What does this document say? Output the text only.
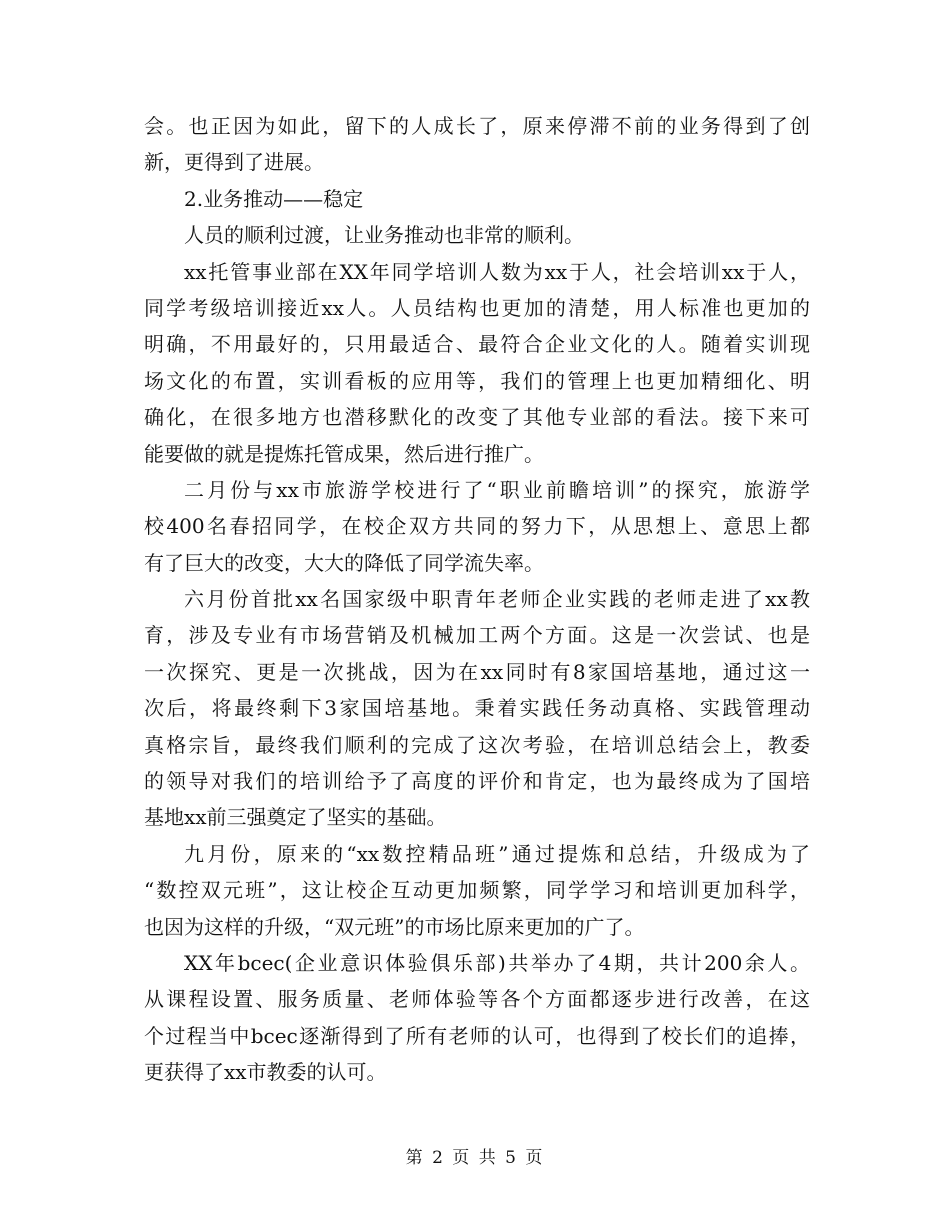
会。也正因为如此，留下的人成长了，原来停滞不前的业务得到了创
新，更得到了进展。
2.业务推动——稳定
人员的顺利过渡，让业务推动也非常的顺利。
xx托管事业部在XX年同学培训人数为xx于人，社会培训xx于人，
同学考级培训接近xx人。人员结构也更加的清楚，用人标准也更加的
明确，不用最好的，只用最适合、最符合企业文化的人。随着实训现
场文化的布置，实训看板的应用等，我们的管理上也更加精细化、明
确化，在很多地方也潜移默化的改变了其他专业部的看法。接下来可
能要做的就是提炼托管成果，然后进行推广。
二月份与xx市旅游学校进行了“职业前瞻培训”的探究，旅游学
校400名春招同学，在校企双方共同的努力下，从思想上、意思上都
有了巨大的改变，大大的降低了同学流失率。
六月份首批xx名国家级中职青年老师企业实践的老师走进了xx教
育，涉及专业有市场营销及机械加工两个方面。这是一次尝试、也是
一次探究、更是一次挑战，因为在xx同时有8家国培基地，通过这一
次后，将最终剩下3家国培基地。秉着实践任务动真格、实践管理动
真格宗旨，最终我们顺利的完成了这次考验，在培训总结会上，教委
的领导对我们的培训给予了高度的评价和肯定，也为最终成为了国培
基地xx前三强奠定了坚实的基础。
九月份，原来的“xx数控精品班”通过提炼和总结，升级成为了
“数控双元班”，这让校企互动更加频繁，同学学习和培训更加科学，
也因为这样的升级，“双元班”的市场比原来更加的广了。
XX年bcec(企业意识体验俱乐部)共举办了4期，共计200余人。
从课程设置、服务质量、老师体验等各个方面都逐步进行改善，在这
个过程当中bcec逐渐得到了所有老师的认可，也得到了校长们的追捧，
更获得了xx市教委的认可。
第 2 页 共 5 页
